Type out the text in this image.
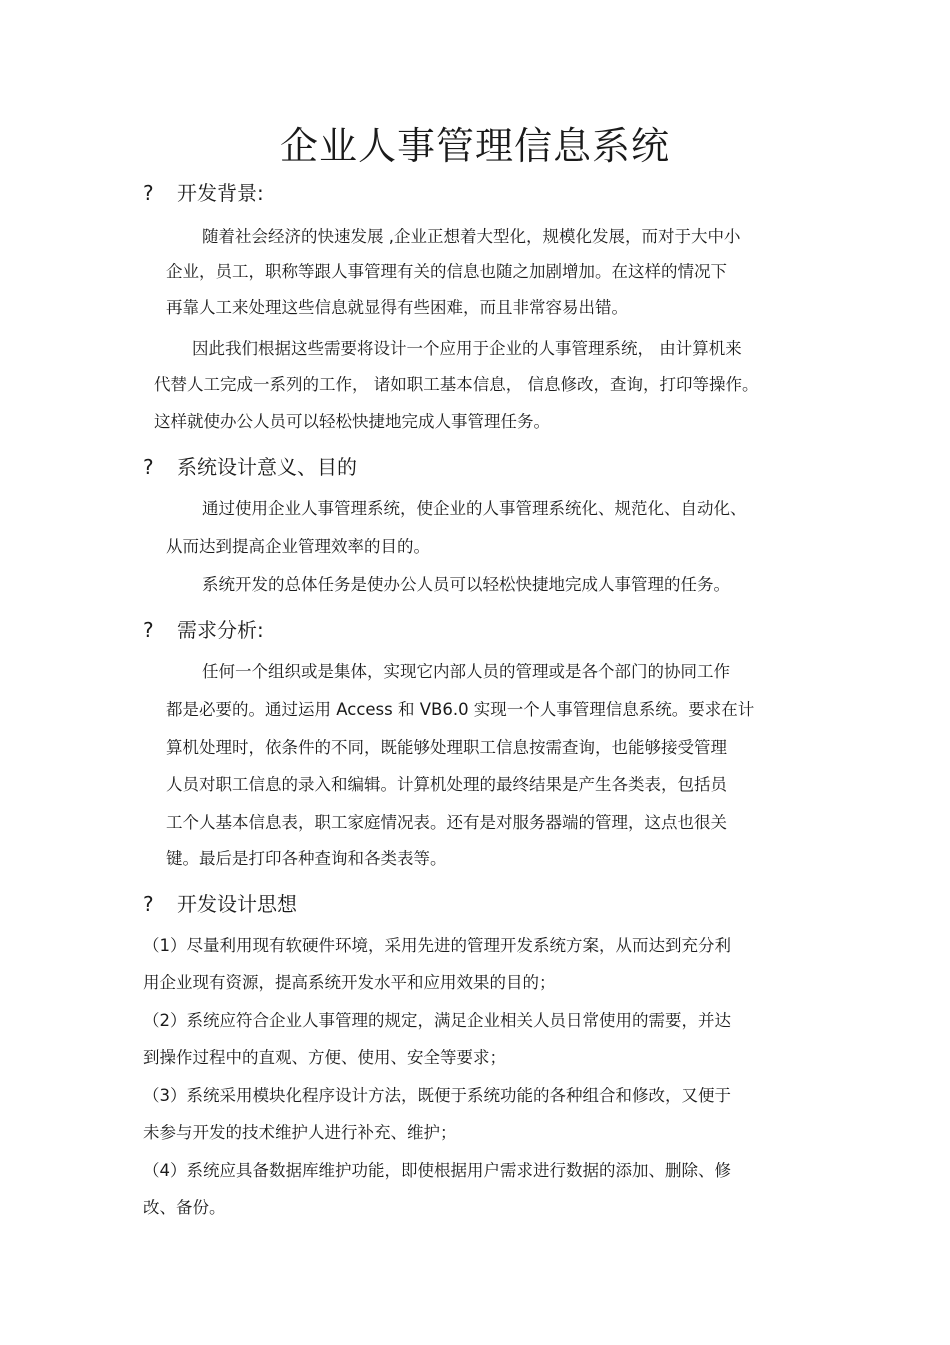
企业人事管理信息系统
? 开发背景:
随着社会经济的快速发展 ,企业正想着大型化，规模化发展，而对于大中小
企业，员工，职称等跟人事管理有关的信息也随之加剧增加。在这样的情况下
再靠人工来处理这些信息就显得有些困难，而且非常容易出错。
因此我们根据这些需要将设计一个应用于企业的人事管理系统， 由计算机来
代替人工完成一系列的工作， 诸如职工基本信息， 信息修改，查询，打印等操作。
这样就使办公人员可以轻松快捷地完成人事管理任务。
? 系统设计意义、目的
通过使用企业人事管理系统，使企业的人事管理系统化、规范化、自动化、
从而达到提高企业管理效率的目的。
系统开发的总体任务是使办公人员可以轻松快捷地完成人事管理的任务。
? 需求分析:
任何一个组织或是集体，实现它内部人员的管理或是各个部门的协同工作
都是必要的。通过运用 Access 和 VB6.0 实现一个人事管理信息系统。要求在计
算机处理时，依条件的不同，既能够处理职工信息按需查询，也能够接受管理
人员对职工信息的录入和编辑。计算机处理的最终结果是产生各类表，包括员
工个人基本信息表，职工家庭情况表。还有是对服务器端的管理，这点也很关
键。最后是打印各种查询和各类表等。
? 开发设计思想
（1）尽量利用现有软硬件环境，采用先进的管理开发系统方案，从而达到充分利
用企业现有资源，提高系统开发水平和应用效果的目的；
（2）系统应符合企业人事管理的规定，满足企业相关人员日常使用的需要，并达
到操作过程中的直观、方便、使用、安全等要求；
（3）系统采用模块化程序设计方法，既便于系统功能的各种组合和修改，又便于
未参与开发的技术维护人进行补充、维护；
（4）系统应具备数据库维护功能，即使根据用户需求进行数据的添加、删除、修
改、备份。
